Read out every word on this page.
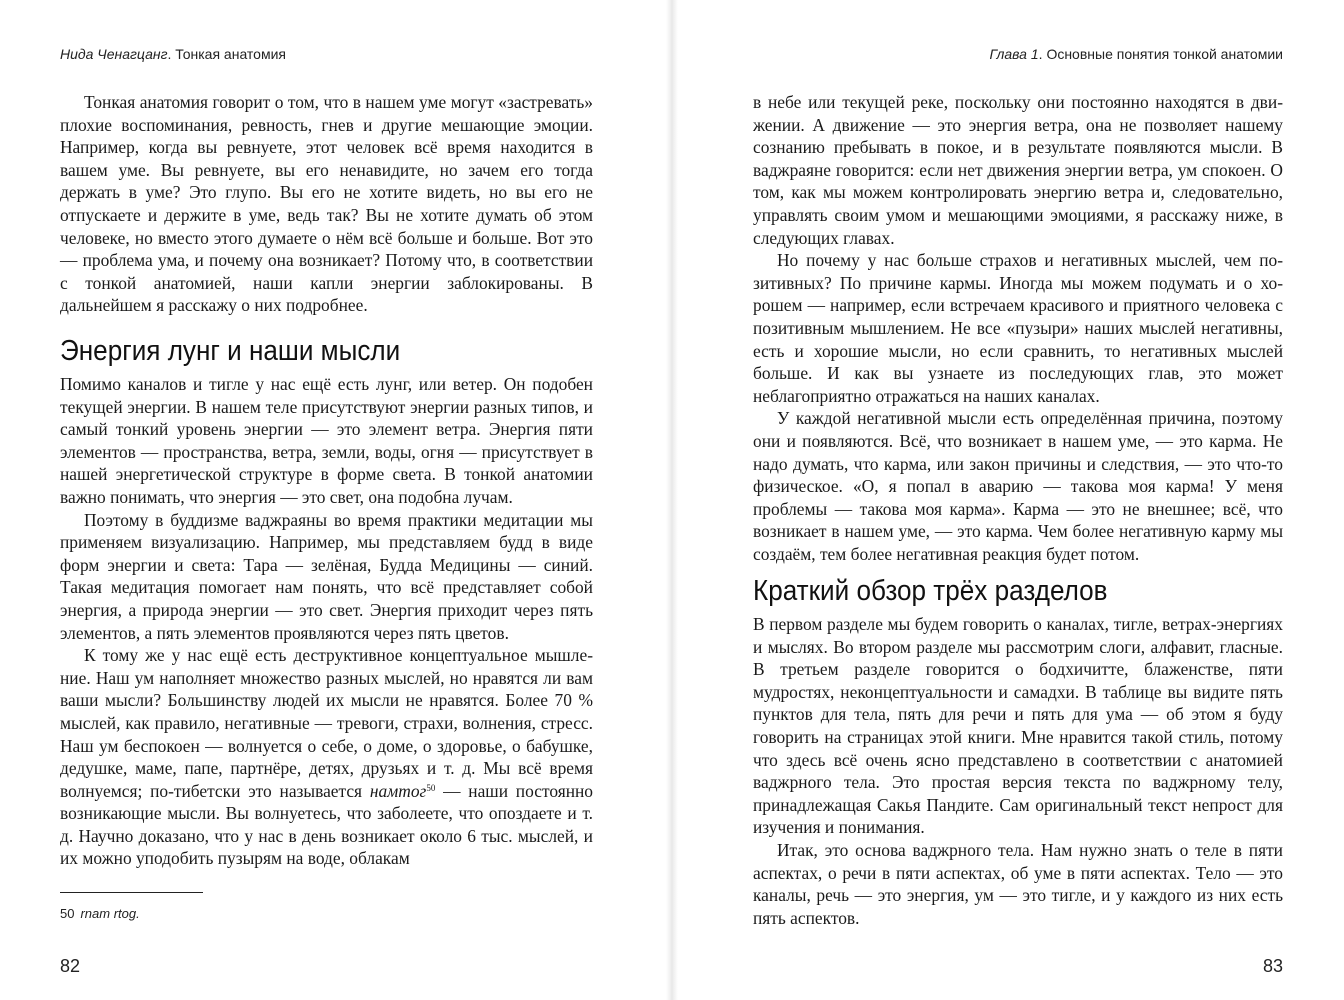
Нида Ченагцанг. Тонкая анатомия

Тонкая анатомия говорит о том, что в нашем уме могут «застревать» плохие воспоминания, ревность, гнев и другие мешающие эмоции. Например, когда вы ревнуете, этот человек всё время находится в вашем уме. Вы ревнуете, вы его ненавидите, но зачем его тогда держать в уме? Это глупо. Вы его не хотите видеть, но вы его не отпускаете и держите в уме, ведь так? Вы не хотите думать об этом человеке, но вместо этого думаете о нём всё больше и больше. Вот это — проблема ума, и почему она возникает? Потому что, в соответствии с тонкой анатомией, наши капли энергии заблокированы. В дальнейшем я расскажу о них подробнее.

Энергия лунг и наши мысли

Помимо каналов и тигле у нас ещё есть лунг, или ветер. Он подобен текущей энергии. В нашем теле присутствуют энергии разных типов, и самый тонкий уровень энергии — это элемент ветра. Энергия пяти элементов — пространства, ветра, земли, воды, огня — присутствует в нашей энергетической структуре в форме света. В тонкой анатомии важно понимать, что энергия — это свет, она подобна лучам.

Поэтому в буддизме ваджраяны во время практики медитации мы применяем визуализацию. Например, мы представляем будд в виде форм энергии и света: Тара — зелёная, Будда Медицины — синий. Такая медитация помогает нам понять, что всё представляет собой энергия, а природа энергии — это свет. Энергия приходит через пять элементов, а пять элементов проявляются через пять цветов.

К тому же у нас ещё есть деструктивное концептуальное мышление. Наш ум наполняет множество разных мыслей, но нравятся ли вам ваши мысли? Большинству людей их мысли не нравятся. Более 70 % мыслей, как правило, негативные — тревоги, страхи, волнения, стресс. Наш ум беспокоен — волнуется о себе, о доме, о здоровье, о бабушке, дедушке, маме, папе, партнёре, детях, друзьях и т. д. Мы всё время волнуемся; по-тибетски это называется намтог$^{50}$ — наши постоянно возникающие мысли. Вы волнуетесь, что заболеете, что опоздаете и т. д. Научно доказано, что у нас в день возникает около 6 тыс. мыслей, и их можно уподобить пузырям на воде, облакам

50 rnam rtog.
82
Глава 1. Основные понятия тонкой анатомии

в небе или текущей реке, поскольку они постоянно находятся в движении. А движение — это энергия ветра, она не позволяет нашему сознанию пребывать в покое, и в результате появляются мысли. В ваджраяне говорится: если нет движения энергии ветра, ум спокоен. О том, как мы можем контролировать энергию ветра и, следовательно, управлять своим умом и мешающими эмоциями, я расскажу ниже, в следующих главах.

Но почему у нас больше страхов и негативных мыслей, чем позитивных? По причине кармы. Иногда мы можем подумать и о хорошем — например, если встречаем красивого и приятного человека с позитивным мышлением. Не все «пузыри» наших мыслей негативны, есть и хорошие мысли, но если сравнить, то негативных мыслей больше. И как вы узнаете из последующих глав, это может неблагоприятно отражаться на наших каналах.

У каждой негативной мысли есть определённая причина, поэтому они и появляются. Всё, что возникает в нашем уме, — это карма. Не надо думать, что карма, или закон причины и следствия, — это что-то физическое. «О, я попал в аварию — такова моя карма! У меня проблемы — такова моя карма». Карма — это не внешнее; всё, что возникает в нашем уме, — это карма. Чем более негативную карму мы создаём, тем более негативная реакция будет потом.

Краткий обзор трёх разделов

В первом разделе мы будем говорить о каналах, тигле, ветрах-энергиях и мыслях. Во втором разделе мы рассмотрим слоги, алфавит, гласные. В третьем разделе говорится о бодхичитте, блаженстве, пяти мудростях, неконцептуальности и самадхи. В таблице вы видите пять пунктов для тела, пять для речи и пять для ума — об этом я буду говорить на страницах этой книги. Мне нравится такой стиль, потому что здесь всё очень ясно представлено в соответствии с анатомией ваджрного тела. Это простая версия текста по ваджрному телу, принадлежащая Сакья Пандите. Сам оригинальный текст непрост для изучения и понимания.

Итак, это основа ваджрного тела. Нам нужно знать о теле в пяти аспектах, о речи в пяти аспектах, об уме в пяти аспектах. Тело — это каналы, речь — это энергия, ум — это тигле, и у каждого из них есть пять аспектов.

83
